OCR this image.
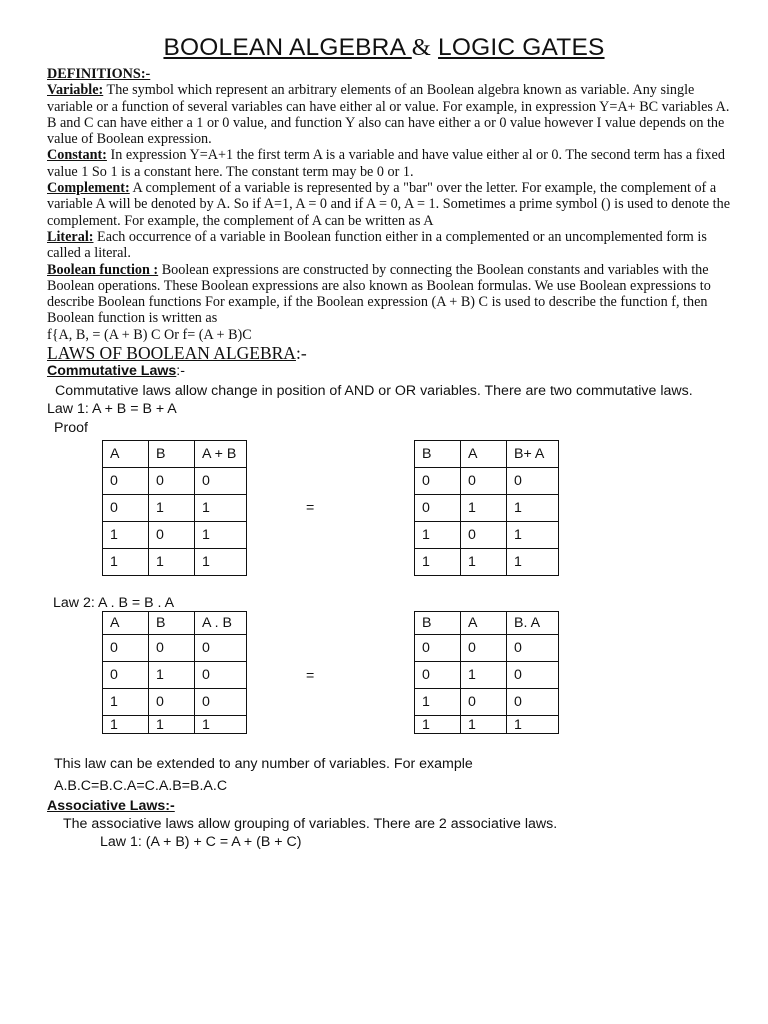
BOOLEAN ALGEBRA & LOGIC GATES
DEFINITIONS:-
Variable: The symbol which represent an arbitrary elements of an Boolean algebra known as variable. Any single variable or a function of several variables can have either al or value. For example, in expression Y=A+ BC variables A. B and C can have either a 1 or 0 value, and function Y also can have either a or 0 value however I value depends on the value of Boolean expression.
Constant: In expression Y=A+1 the first term A is a variable and have value either al or 0. The second term has a fixed value 1 So 1 is a constant here. The constant term may be 0 or 1.
Complement: A complement of a variable is represented by a "bar" over the letter. For example, the complement of a variable A will be denoted by A. So if A=1, A = 0 and if A = 0, A = 1. Sometimes a prime symbol () is used to denote the complement. For example, the complement of A can be written as A
Literal: Each occurrence of a variable in Boolean function either in a complemented or an uncomplemented form is called a literal.
Boolean function : Boolean expressions are constructed by connecting the Boolean constants and variables with the Boolean operations. These Boolean expressions are also known as Boolean formulas. We use Boolean expressions to describe Boolean functions For example, if the Boolean expression (A + B) C is used to describe the function f, then Boolean function is written as
f{A, B, = (A + B) C Or f= (A + B)C
LAWS OF BOOLEAN ALGEBRA:-
Commutative Laws:-
Commutative laws allow change in position of AND or OR variables. There are two commutative laws.
Law 1: A + B = B + A
Proof
A	B	A + B
0	0	0
0	1	1
1	0	1
1	1	1
=
B	A	B+ A
0	0	0
0	1	1
1	0	1
1	1	1
Law 2: A . B = B . A
A	B	A . B
0	0	0
0	1	0
1	0	0
1	1	1
=
B	A	B. A
0	0	0
0	1	0
1	0	0
1	1	1
This law can be extended to any number of variables. For example
A.B.C=B.C.A=C.A.B=B.A.C
Associative Laws:-
The associative laws allow grouping of variables. There are 2 associative laws.
Law 1: (A + B) + C = A + (B + C)
